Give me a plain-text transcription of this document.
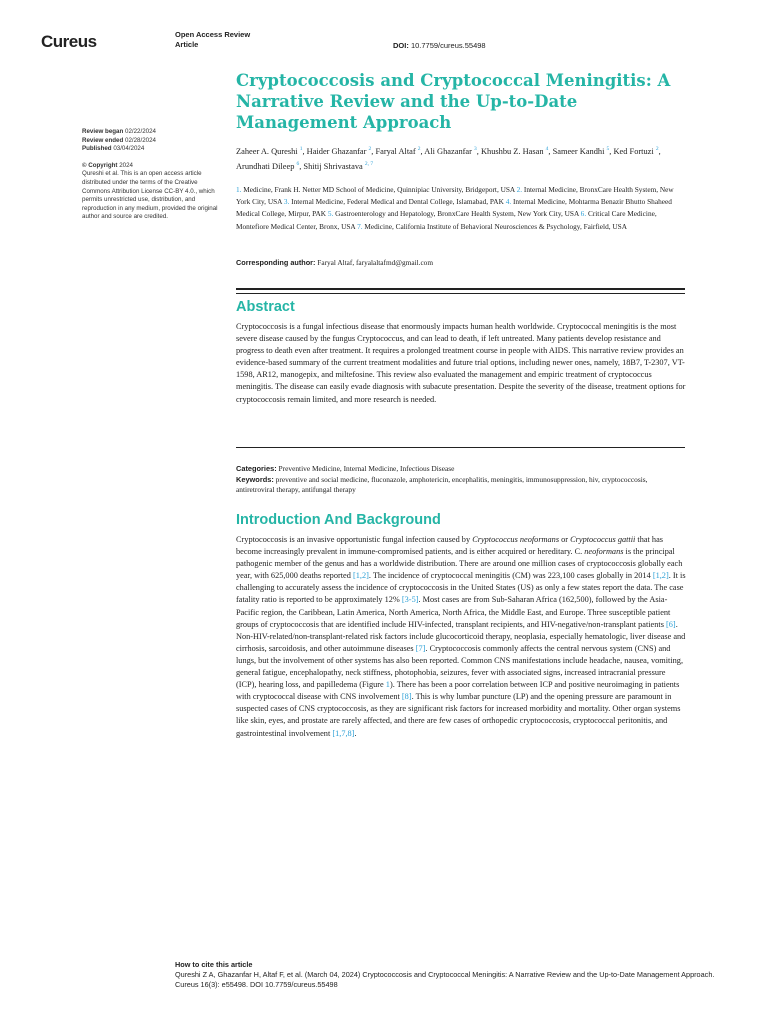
Cureus	Open Access Review
Article	DOI: 10.7759/cureus.55498
Cryptococcosis and Cryptococcal Meningitis: A Narrative Review and the Up-to-Date Management Approach
Review began 02/22/2024
Review ended 02/28/2024
Published 03/04/2024
© Copyright 2024
Qureshi et al. This is an open access article distributed under the terms of the Creative Commons Attribution License CC-BY 4.0., which permits unrestricted use, distribution, and reproduction in any medium, provided the original author and source are credited.
Zaheer A. Qureshi $^1$, Haider Ghazanfar $^2$, Faryal Altaf $^2$, Ali Ghazanfar $^3$, Khushbu Z. Hasan $^4$, Sameer Kandhi $^5$, Ked Fortuzi $^2$, Arundhati Dileep $^6$, Shitij Shrivastava $^{2, 7}$
1. Medicine, Frank H. Netter MD School of Medicine, Quinnipiac University, Bridgeport, USA 2. Internal Medicine, BronxCare Health System, New York City, USA 3. Internal Medicine, Federal Medical and Dental College, Islamabad, PAK 4. Internal Medicine, Mohtarma Benazir Bhutto Shaheed Medical College, Mirpur, PAK 5. Gastroenterology and Hepatology, BronxCare Health System, New York City, USA 6. Critical Care Medicine, Montefiore Medical Center, Bronx, USA 7. Medicine, California Institute of Behavioral Neurosciences & Psychology, Fairfield, USA
Corresponding author: Faryal Altaf, faryalaltafmd@gmail.com
Abstract
Cryptococcosis is a fungal infectious disease that enormously impacts human health worldwide. Cryptococcal meningitis is the most severe disease caused by the fungus Cryptococcus, and can lead to death, if left untreated. Many patients develop resistance and progress to death even after treatment. It requires a prolonged treatment course in people with AIDS. This narrative review provides an evidence-based summary of the current treatment modalities and future trial options, including newer ones, namely, 18B7, T-2307, VT-1598, AR12, manogepix, and miltefosine. This review also evaluated the management and empiric treatment of cryptococcus meningitis. The disease can easily evade diagnosis with subacute presentation. Despite the severity of the disease, treatment options for cryptococcosis remain limited, and more research is needed.
Categories: Preventive Medicine, Internal Medicine, Infectious Disease
Keywords: preventive and social medicine, fluconazole, amphotericin, encephalitis, meningitis, immunosuppression, hiv, cryptococcosis, antiretroviral therapy, antifungal therapy
Introduction And Background
Cryptococcosis is an invasive opportunistic fungal infection caused by Cryptococcus neoformans or Cryptococcus gattii that has become increasingly prevalent in immune-compromised patients, and is either acquired or hereditary. C. neoformans is the principal pathogenic member of the genus and has a worldwide distribution. There are around one million cases of cryptococcosis globally each year, with 625,000 deaths reported [1,2]. The incidence of cryptococcal meningitis (CM) was 223,100 cases globally in 2014 [1,2]. It is challenging to accurately assess the incidence of cryptococcosis in the United States (US) as only a few states report the data. The case fatality ratio is reported to be approximately 12% [3-5]. Most cases are from Sub-Saharan Africa (162,500), followed by the Asia-Pacific region, the Caribbean, Latin America, North America, North Africa, the Middle East, and Europe. Three susceptible patient groups of cryptococcosis that are identified include HIV-infected, transplant recipients, and HIV-negative/non-transplant patients [6]. Non-HIV-related/non-transplant-related risk factors include glucocorticoid therapy, neoplasia, especially hematologic, liver disease and cirrhosis, sarcoidosis, and other autoimmune diseases [7]. Cryptococcosis commonly affects the central nervous system (CNS) and lungs, but the involvement of other systems has also been reported. Common CNS manifestations include headache, nausea, vomiting, general fatigue, encephalopathy, neck stiffness, photophobia, seizures, fever with associated signs, increased intracranial pressure (ICP), hearing loss, and papilledema (Figure 1). There has been a poor correlation between ICP and positive neuroimaging in patients with cryptococcal disease with CNS involvement [8]. This is why lumbar puncture (LP) and the opening pressure are paramount in suspected cases of CNS cryptococcosis, as they are significant risk factors for increased morbidity and mortality. Other organ systems like skin, eyes, and prostate are rarely affected, and there are few cases of orthopedic cryptococcosis, cryptococcal peritonitis, and gastrointestinal involvement [1,7,8].
How to cite this article
Qureshi Z A, Ghazanfar H, Altaf F, et al. (March 04, 2024) Cryptococcosis and Cryptococcal Meningitis: A Narrative Review and the Up-to-Date Management Approach. Cureus 16(3): e55498. DOI 10.7759/cureus.55498
